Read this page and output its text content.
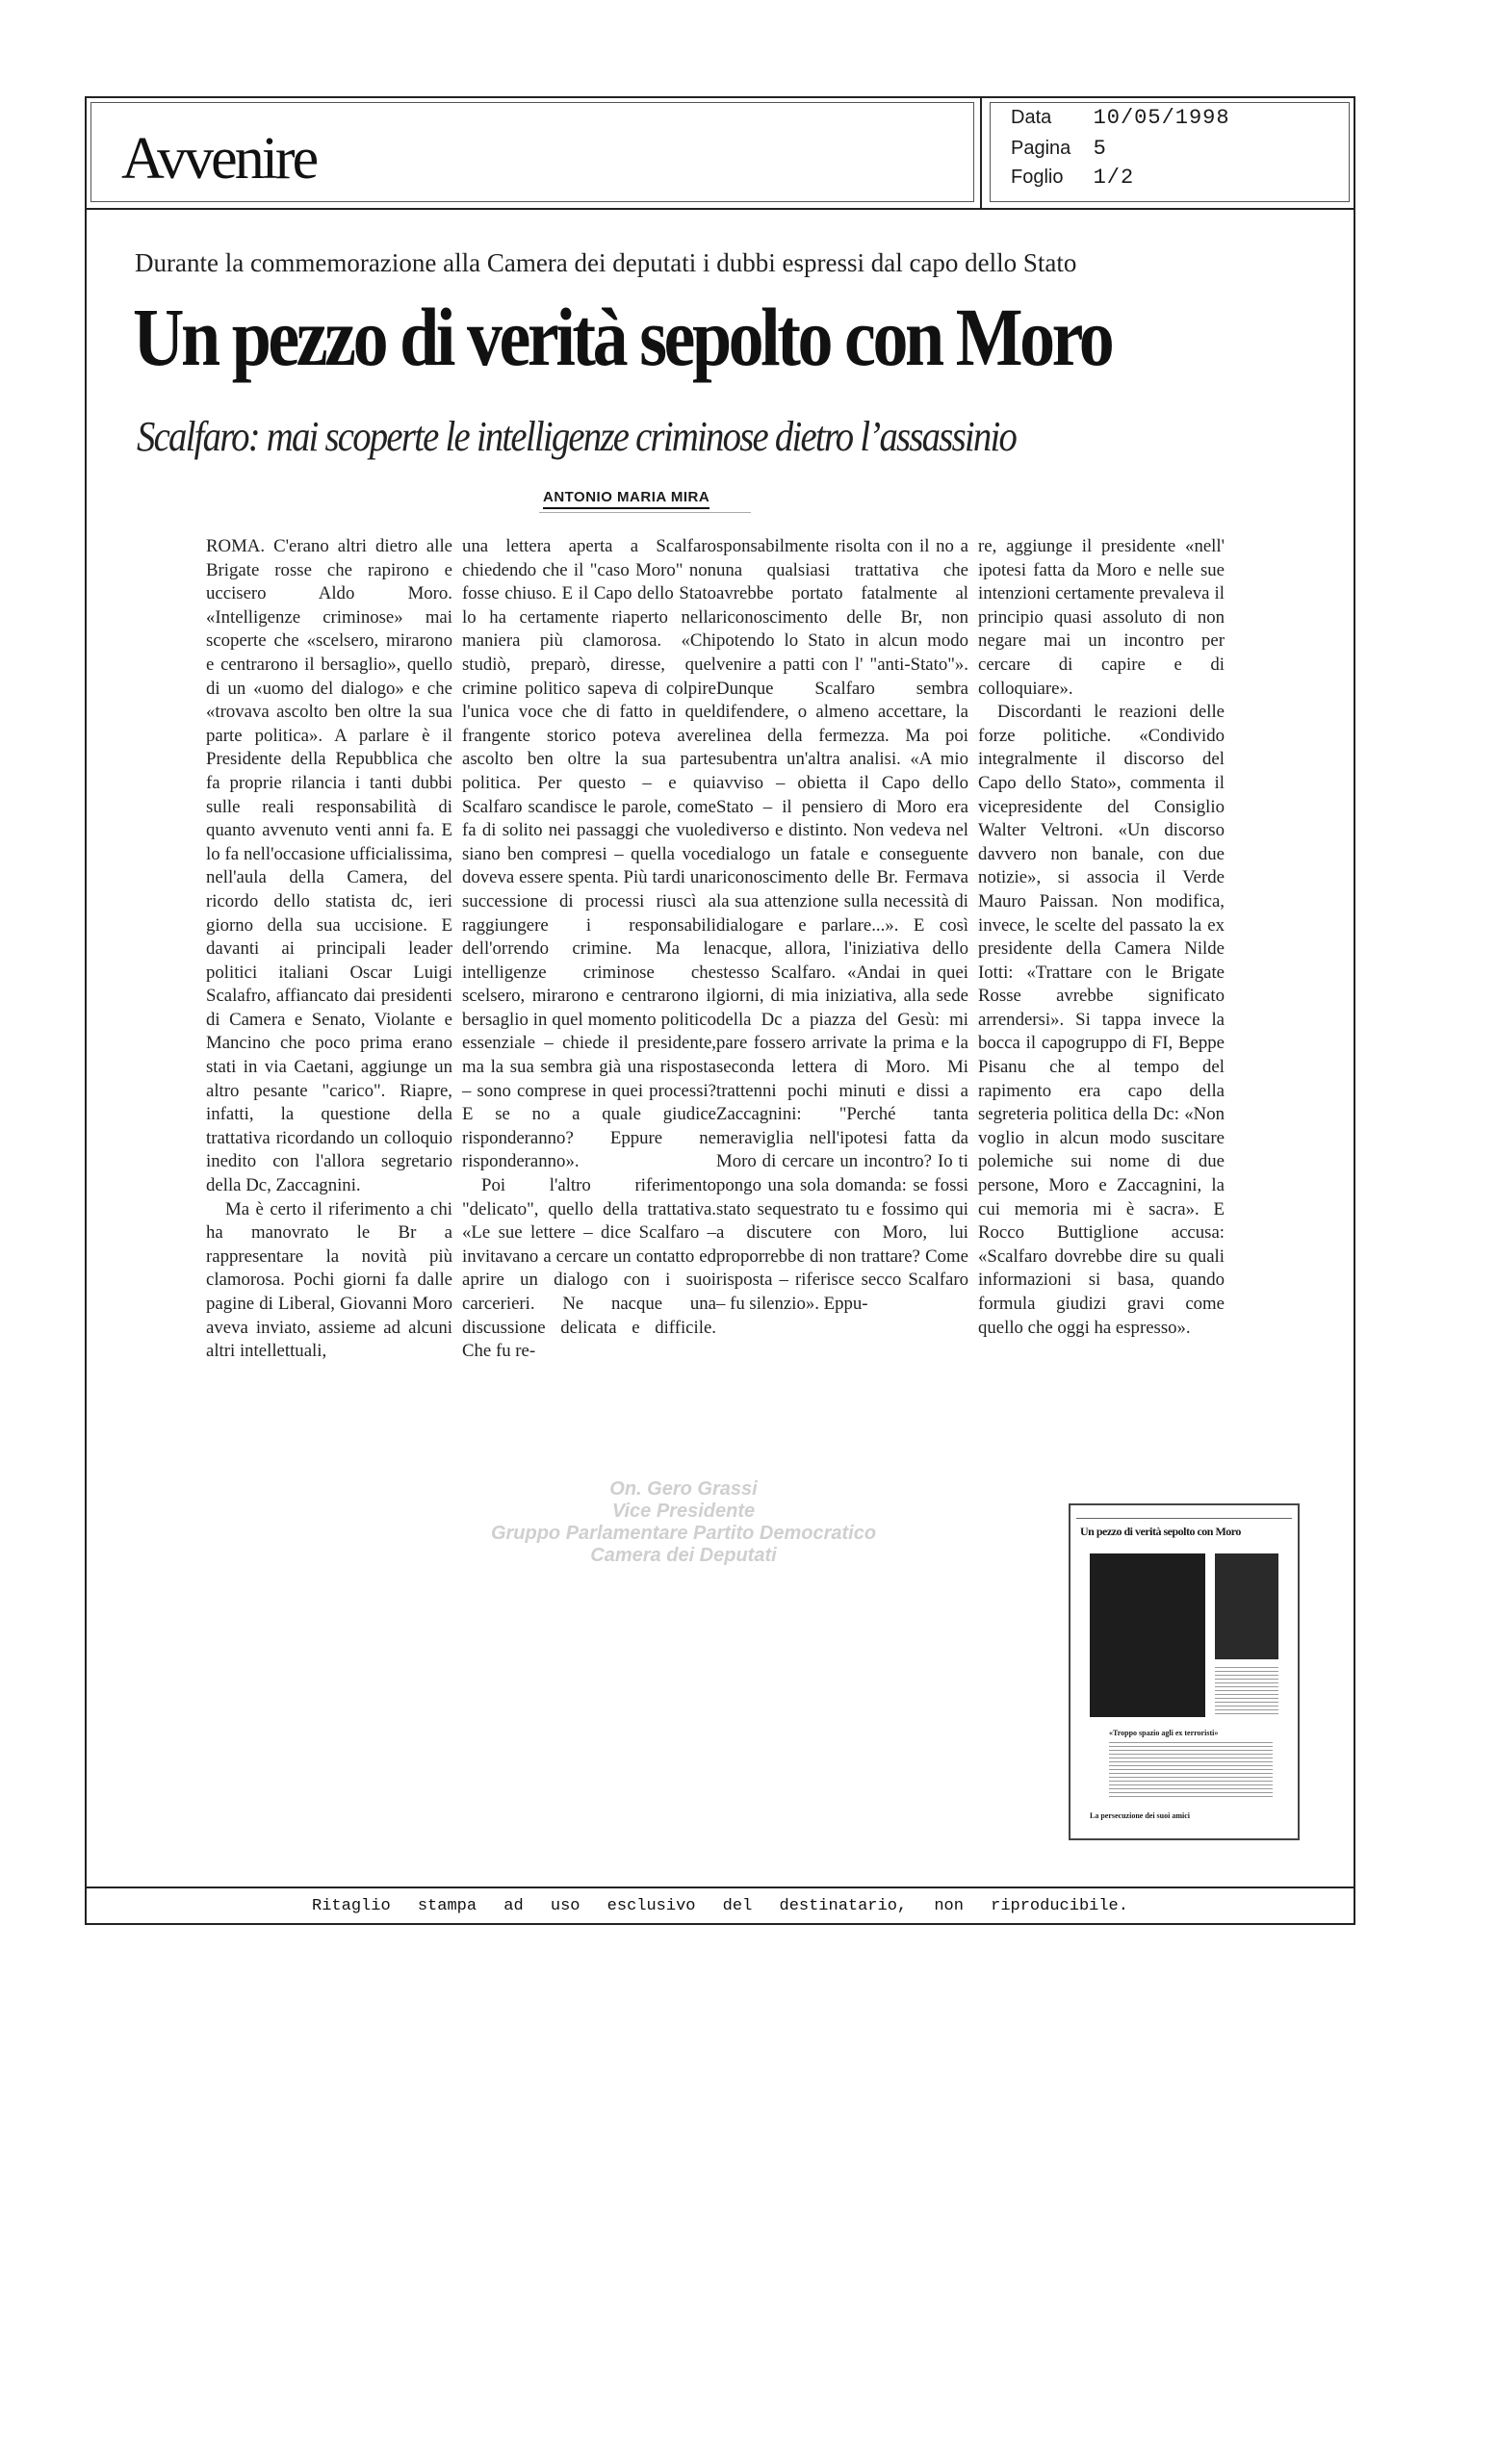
Avvenire
Data 10/05/1998
Pagina 5
Foglio 1/2
Durante la commemorazione alla Camera dei deputati i dubbi espressi dal capo dello Stato
Un pezzo di verità sepolto con Moro
Scalfaro: mai scoperte le intelligenze criminose dietro l’assassinio
ANTONIO MARIA MIRA

ROMA. C'erano altri dietro alle Brigate rosse che rapirono e uccisero Aldo Moro. «Intelligenze criminose» mai scoperte che «scelsero, mirarono e centrarono il bersaglio», quello di un «uomo del dialogo» e che «trovava ascolto ben oltre la sua parte politica». A parlare è il Presidente della Repubblica che fa proprie rilancia i tanti dubbi sulle reali responsabilità di quanto avvenuto venti anni fa. E lo fa nell'occasione ufficialissima, nell'aula della Camera, del ricordo dello statista dc, ieri giorno della sua uccisione. E davanti ai principali leader politici italiani Oscar Luigi Scalafro, affiancato dai presidenti di Camera e Senato, Violante e Mancino che poco prima erano stati in via Caetani, aggiunge un altro pesante "carico". Riapre, infatti, la questione della trattativa ricordando un colloquio inedito con l'allora segretario della Dc, Zaccagnini.

Ma è certo il riferimento a chi ha manovrato le Br a rappresentare la novità più clamorosa. Pochi giorni fa dalle pagine di Liberal, Giovanni Moro aveva inviato, assieme ad alcuni altri intellettuali,

una lettera aperta a Scalfaro chiedendo che il "caso Moro" non fosse chiuso. E il Capo dello Stato lo ha certamente riaperto nella maniera più clamorosa. «Chi studiò, preparò, diresse, quel crimine politico sapeva di colpire l'unica voce che di fatto in quel frangente storico poteva avere ascolto ben oltre la sua parte politica. Per questo – e qui Scalfaro scandisce le parole, come fa di solito nei passaggi che vuole siano ben compresi – quella voce doveva essere spenta. Più tardi una successione di processi riuscì a raggiungere i responsabili dell'orrendo crimine. Ma le intelligenze criminose che scelsero, mirarono e centrarono il bersaglio in quel momento politico essenziale – chiede il presidente, ma la sua sembra già una risposta – sono comprese in quei processi? E se no a quale giudice risponderanno? Eppure ne risponderanno».

Poi l'altro riferimento "delicato", quello della trattativa. «Le sue lettere – dice Scalfaro – invitavano a cercare un contatto ed aprire un dialogo con i suoi carcerieri. Ne nacque una discussione delicata e difficile. Che fu re-

sponsabilmente risolta con il no a una qualsiasi trattativa che avrebbe portato fatalmente al riconoscimento delle Br, non potendo lo Stato in alcun modo venire a patti con l' "anti-Stato"». Dunque Scalfaro sembra difendere, o almeno accettare, la linea della fermezza. Ma poi subentra un'altra analisi. «A mio avviso – obietta il Capo dello Stato – il pensiero di Moro era diverso e distinto. Non vedeva nel dialogo un fatale e conseguente riconoscimento delle Br. Fermava la sua attenzione sulla necessità di dialogare e parlare...». E così nacque, allora, l'iniziativa dello stesso Scalfaro. «Andai in quei giorni, di mia iniziativa, alla sede della Dc a piazza del Gesù: mi pare fossero arrivate la prima e la seconda lettera di Moro. Mi trattenni pochi minuti e dissi a Zaccagnini: "Perché tanta meraviglia nell'ipotesi fatta da Moro di cercare un incontro? Io ti pongo una sola domanda: se fossi stato sequestrato tu e fossimo qui a discutere con Moro, lui proporrebbe di non trattare? Come risposta – riferisce secco Scalfaro – fu silenzio». Eppu-

re, aggiunge il presidente «nell' ipotesi fatta da Moro e nelle sue intenzioni certamente prevaleva il principio quasi assoluto di non negare mai un incontro per cercare di capire e di colloquiare».

Discordanti le reazioni delle forze politiche. «Condivido integralmente il discorso del Capo dello Stato», commenta il vicepresidente del Consiglio Walter Veltroni. «Un discorso davvero non banale, con due notizie», si associa il Verde Mauro Paissan. Non modifica, invece, le scelte del passato la ex presidente della Camera Nilde Iotti: «Trattare con le Brigate Rosse avrebbe significato arrendersi». Si tappa invece la bocca il capogruppo di FI, Beppe Pisanu che al tempo del rapimento era capo della segreteria politica della Dc: «Non voglio in alcun modo suscitare polemiche sui nome di due persone, Moro e Zaccagnini, la cui memoria mi è sacra». E Rocco Buttiglione accusa: «Scalfaro dovrebbe dire su quali informazioni si basa, quando formula giudizi gravi come quello che oggi ha espresso».

On. Gero Grassi
Vice Presidente
Gruppo Parlamentare Partito Democratico
Camera dei Deputati
Un pezzo di verità sepolto con Moro
«Troppo spazio agli ex terroristi»
La persecuzione dei suoi amici
Ritaglio stampa ad uso esclusivo del destinatario, non riproducibile.
